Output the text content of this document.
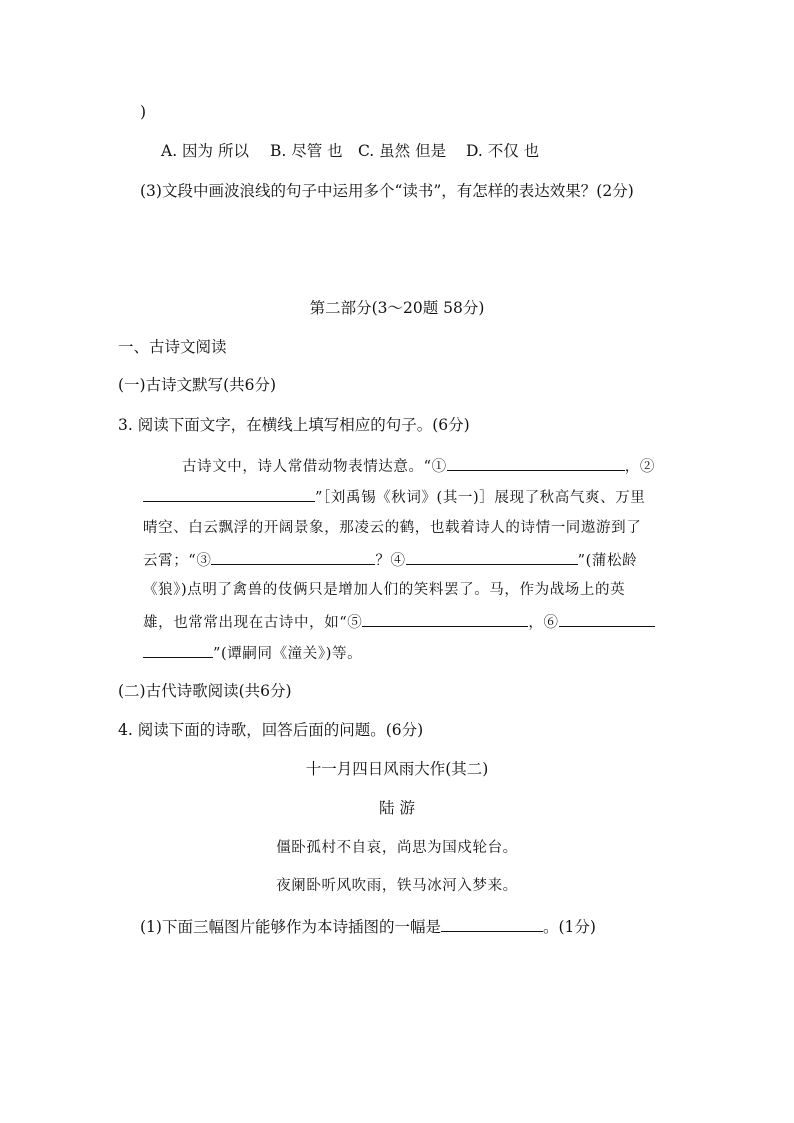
)
A. 因为 所以 B. 尽管 也 C. 虽然 但是 D. 不仅 也
(3)文段中画波浪线的句子中运用多个“读书”，有怎样的表达效果？(2分)
第二部分(3～20题 58分)
一、古诗文阅读
(一)古诗文默写(共6分)
3. 阅读下面文字，在横线上填写相应的句子。(6分)
古诗文中，诗人常借动物表情达意。“①	，②
”［刘禹锡《秋词》(其一)］展现了秋高气爽、万里
晴空、白云飘浮的开阔景象，那凌云的鹤，也载着诗人的诗情一同遨游到了
云霄；“③	？④	”(蒲松龄
《狼》)点明了禽兽的伎俩只是增加人们的笑料罢了。马，作为战场上的英
雄，也常常出现在古诗中，如“⑤	，⑥
”(谭嗣同《潼关》)等。
(二)古代诗歌阅读(共6分)
4. 阅读下面的诗歌，回答后面的问题。(6分)
十一月四日风雨大作(其二)
陆 游
僵卧孤村不自哀，尚思为国戍轮台。
夜阑卧听风吹雨，铁马冰河入梦来。
(1)下面三幅图片能够作为本诗插图的一幅是	。(1分)
